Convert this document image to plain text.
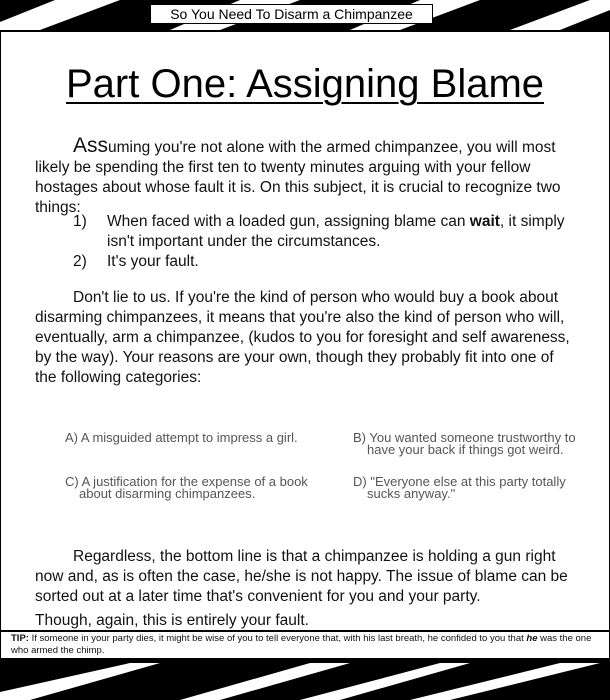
So You Need To Disarm a Chimpanzee
Part One: Assigning Blame
Assuming you're not alone with the armed chimpanzee, you will most likely be spending the first ten to twenty minutes arguing with your fellow hostages about whose fault it is. On this subject, it is crucial to recognize two things:
1)	When faced with a loaded gun, assigning blame can wait, it simply isn't important under the circumstances.
2)	It's your fault.
Don't lie to us. If you're the kind of person who would buy a book about disarming chimpanzees, it means that you're also the kind of person who will, eventually, arm a chimpanzee, (kudos to you for foresight and self awareness, by the way). Your reasons are your own, though they probably fit into one of the following categories:
A) A misguided attempt to impress a girl.	B) You wanted someone trustworthy to
have your back if things got weird.
C) A justification for the expense of a book
about disarming chimpanzees.
D) "Everyone else at this party totally
sucks anyway."
Regardless, the bottom line is that a chimpanzee is holding a gun right now and, as is often the case, he/she is not happy. The issue of blame can be sorted out at a later time that's convenient for you and your party.
Though, again, this is entirely your fault.
TIP: If someone in your party dies, it might be wise of you to tell everyone that, with his last breath, he confided to you that he was the one who armed the chimp.
